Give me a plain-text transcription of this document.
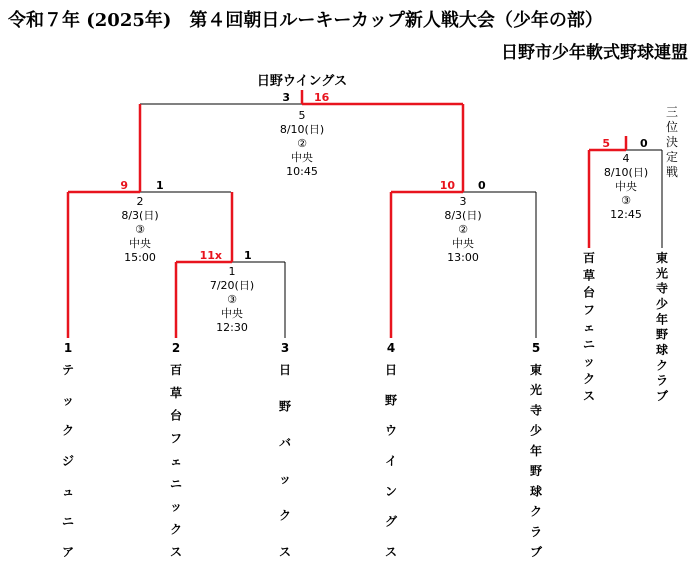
令和７年 (2025年)　第４回朝日ルーキーカップ新人戦大会（少年の部）
日野市少年軟式野球連盟
日野ウイングス
3 16
5
8/10(日)
②
中央
10:45
9	1
2
8/3(日)
③
中央
15:00
10 0
3
8/3(日)
②
中央
13:00
11x 1
1
7/20(日)
③
中央
12:30
5	0
4
8/10(日)
中央
③
12:45
1	2	3	4	5
テックジュニア
百草台フェニックス
日野バックス
日野ウイングス
東光寺少年野球クラブ
百草台フェニックス
東光寺少年野球クラブ
三位決定戦
